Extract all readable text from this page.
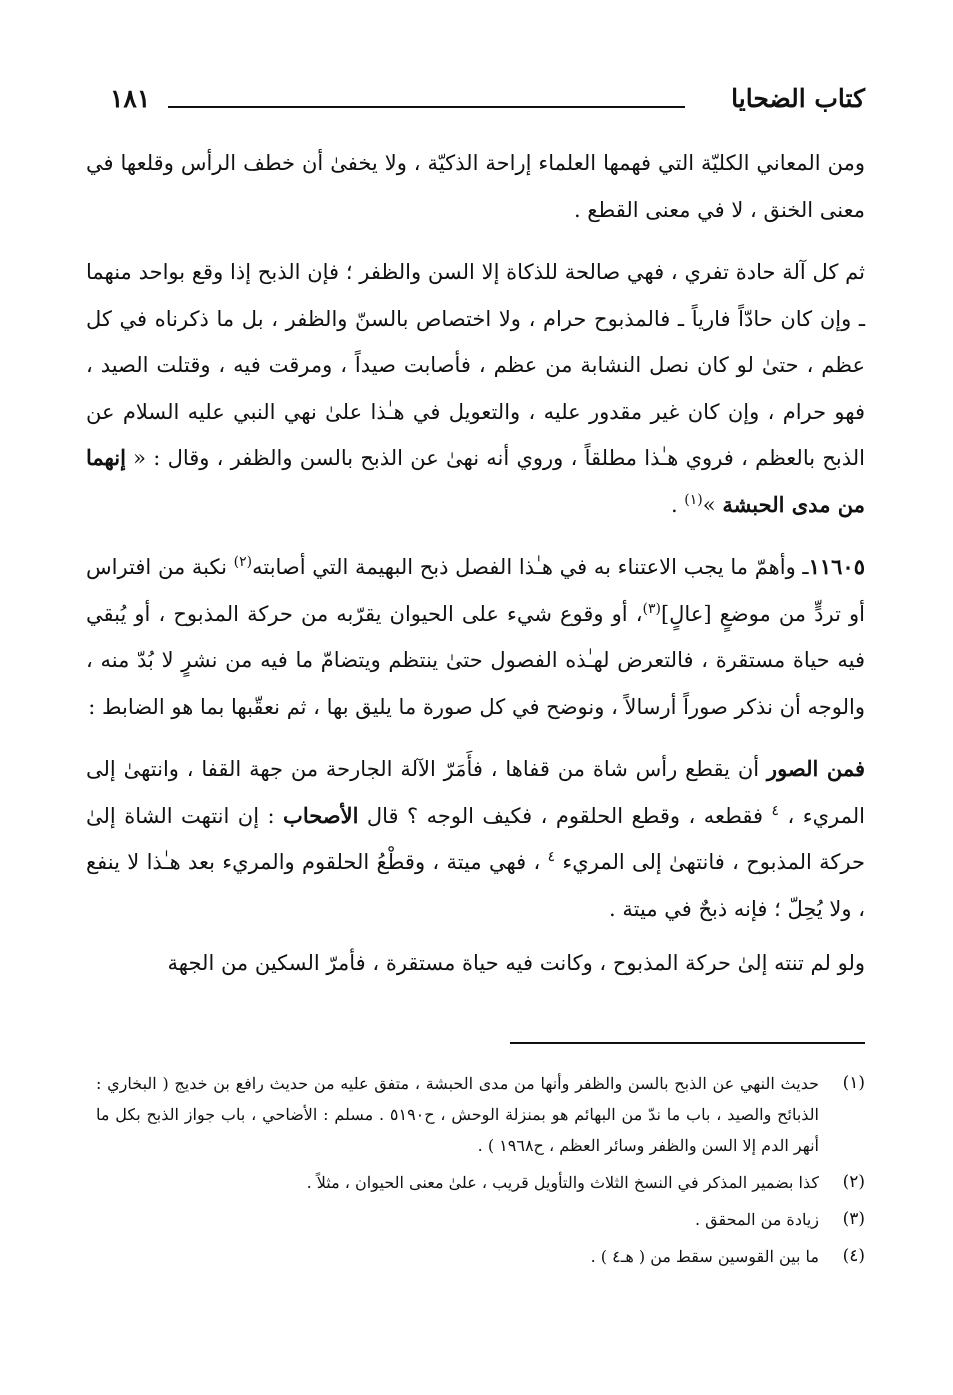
كتاب الضحايا
١٨١

ومن المعاني الكليّة التي فهمها العلماء إراحة الذكيّة ، ولا يخفىٰ أن خطف الرأس وقلعها في معنى الخنق ، لا في معنى القطع .

ثم كل آلة حادة تفري ، فهي صالحة للذكاة إلا السن والظفر ؛ فإن الذبح إذا وقع بواحد منهما ـ وإن كان حادّاً فارياً ـ فالمذبوح حرام ، ولا اختصاص بالسنّ والظفر ، بل ما ذكرناه في كل عظم ، حتىٰ لو كان نصل النشابة من عظم ، فأصابت صيداً ، ومرقت فيه ، وقتلت الصيد ، فهو حرام ، وإن كان غير مقدور عليه ، والتعويل في هـٰذا علىٰ نهي النبي عليه السلام عن الذبح بالعظم ، فروي هـٰذا مطلقاً ، وروي أنه نهىٰ عن الذبح بالسن والظفر ، وقال : « إنهما من مدى الحبشة »$^{(١)}$ .

١١٦٠٥ـ وأهمّ ما يجب الاعتناء به في هـٰذا الفصل ذبح البهيمة التي أصابته$^{(٢)}$ نكبة من افتراس أو تردٍّ من موضعٍ [عالٍ]$^{(٣)}$، أو وقوع شيء على الحيوان يقرّبه من حركة المذبوح ، أو يُبقي فيه حياة مستقرة ، فالتعرض لهـٰذه الفصول حتىٰ ينتظم ويتضامّ ما فيه من نشرٍ لا بُدّ منه ، والوجه أن نذكر صوراً أرسالاً ، ونوضح في كل صورة ما يليق بها ، ثم نعقّبها بما هو الضابط :

فمن الصور أن يقطع رأس شاة من قفاها ، فأَمَرّ الآلة الجارحة من جهة القفا ، وانتهىٰ إلى المريء ، $^٤$ فقطعه ، وقطع الحلقوم ، فكيف الوجه ؟ قال الأصحاب : إن انتهت الشاة إلىٰ حركة المذبوح ، فانتهىٰ إلى المريء $^٤$ ، فهي ميتة ، وقطْعُ الحلقوم والمريء بعد هـٰذا لا ينفع ، ولا يُحِلّ ؛ فإنه ذبحٌ في ميتة .

ولو لم تنته إلىٰ حركة المذبوح ، وكانت فيه حياة مستقرة ، فأمرّ السكين من الجهة

(١)
حديث النهي عن الذبح بالسن والظفر وأنها من مدى الحبشة ، متفق عليه من حديث رافع بن خديج ( البخاري : الذبائح والصيد ، باب ما ندّ من البهائم هو بمنزلة الوحش ، ح٥١٩٠ . مسلم : الأضاحي ، باب جواز الذبح بكل ما أنهر الدم إلا السن والظفر وسائر العظم ، ح١٩٦٨ ) .
(٢)
كذا بضمير المذكر في النسخ الثلاث والتأويل قريب ، علىٰ معنى الحيوان ، مثلاً .
(٣)
زيادة من المحقق .
(٤)
ما بين القوسين سقط من ( هـ٤ ) .
